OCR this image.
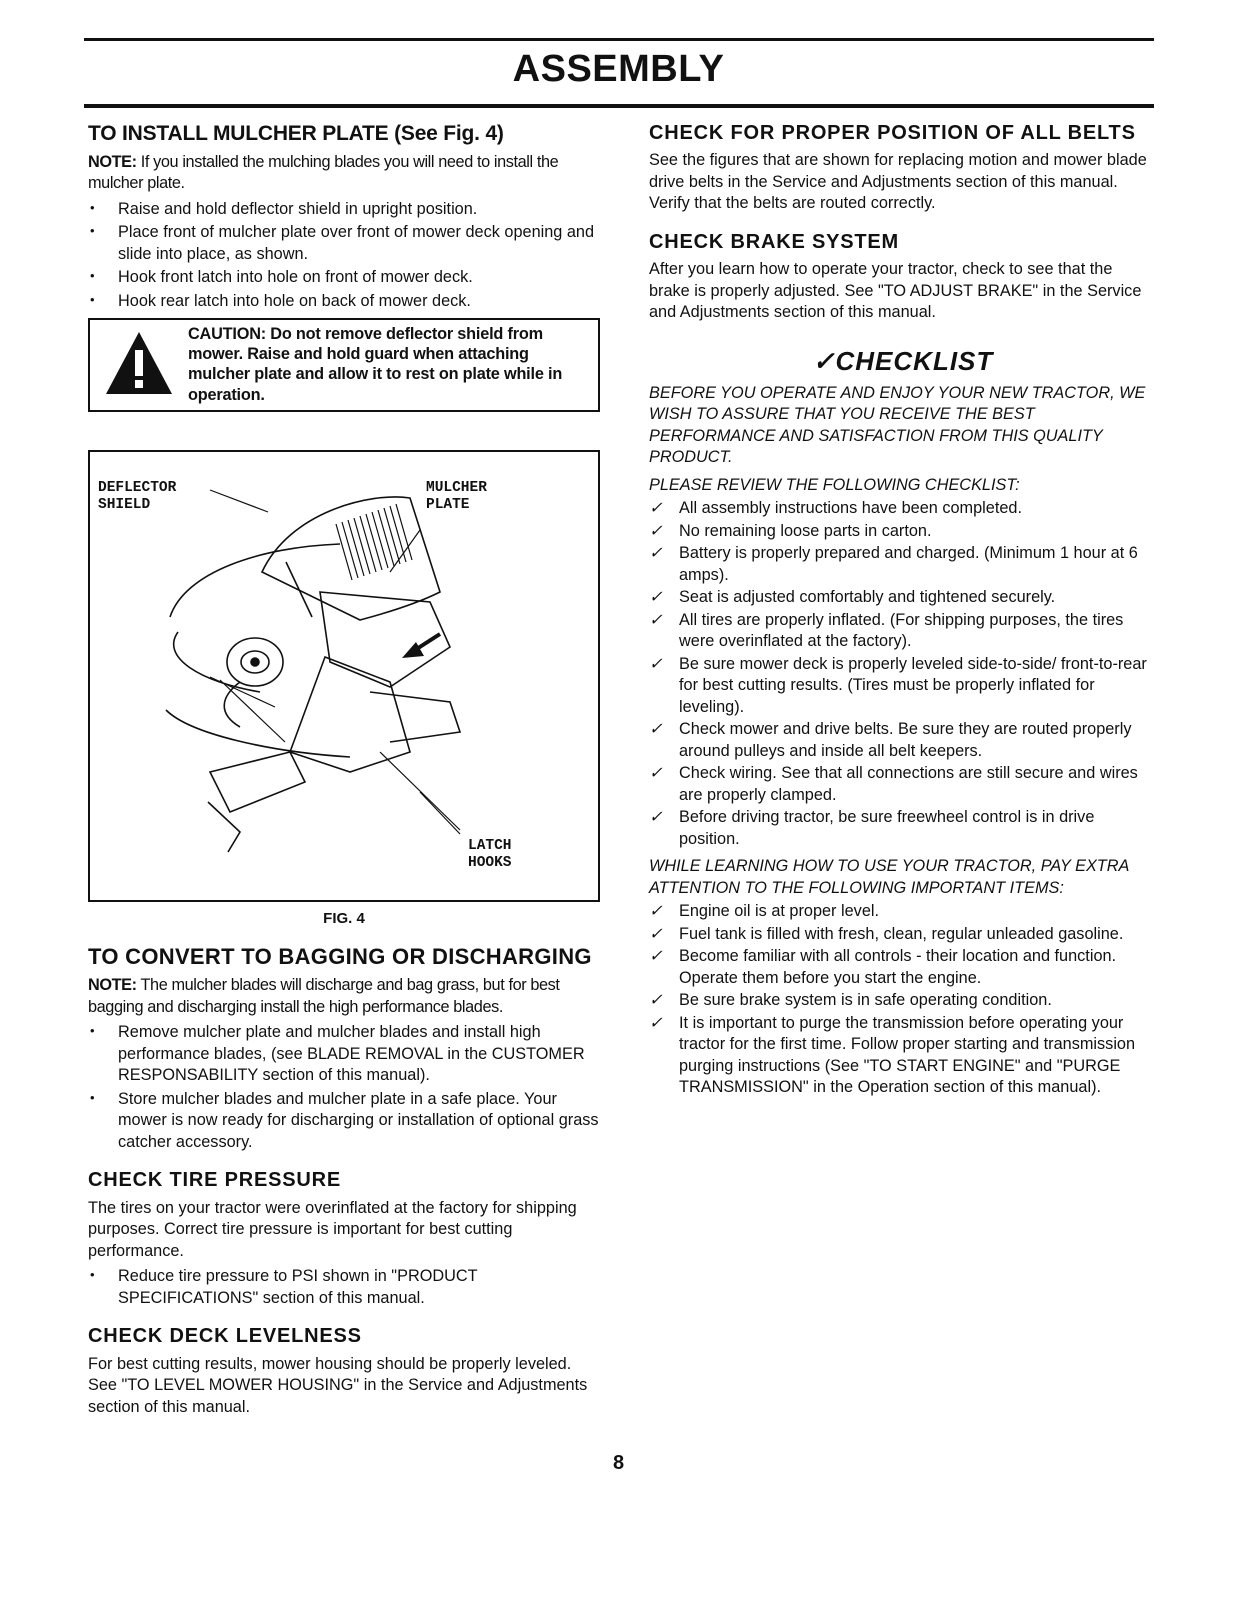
ASSEMBLY
TO INSTALL MULCHER PLATE (See Fig. 4)

NOTE: If you installed the mulching blades you will need to install the mulcher plate.

• Raise and hold deflector shield in upright position.
• Place front of mulcher plate over front of mower deck opening and slide into place, as shown.
• Hook front latch into hole on front of mower deck.
• Hook rear latch into hole on back of mower deck.

CAUTION: Do not remove deflector shield from mower. Raise and hold guard when attaching mulcher plate and allow it to rest on plate while in operation.

DEFLECTOR
SHIELD
MULCHER
PLATE
LATCH
HOOKS
FIG. 4
TO CONVERT TO BAGGING OR DISCHARGING

NOTE: The mulcher blades will discharge and bag grass, but for best bagging and discharging install the high performance blades.

• Remove mulcher plate and mulcher blades and install high performance blades, (see BLADE REMOVAL in the CUSTOMER RESPONSABILITY section of this manual).
• Store mulcher blades and mulcher plate in a safe place. Your mower is now ready for discharging or installation of optional grass catcher accessory.
CHECK TIRE PRESSURE

The tires on your tractor were overinflated at the factory for shipping purposes. Correct tire pressure is important for best cutting performance.

• Reduce tire pressure to PSI shown in "PRODUCT SPECIFICATIONS" section of this manual.
CHECK DECK LEVELNESS

For best cutting results, mower housing should be properly leveled. See "TO LEVEL MOWER HOUSING" in the Service and Adjustments section of this manual.

CHECK FOR PROPER POSITION OF ALL BELTS

See the figures that are shown for replacing motion and mower blade drive belts in the Service and Adjustments section of this manual. Verify that the belts are routed correctly.

CHECK BRAKE SYSTEM

After you learn how to operate your tractor, check to see that the brake is properly adjusted. See "TO ADJUST BRAKE" in the Service and Adjustments section of this manual.

✓CHECKLIST

BEFORE YOU OPERATE AND ENJOY YOUR NEW TRACTOR, WE WISH TO ASSURE THAT YOU RECEIVE THE BEST PERFORMANCE AND SATISFACTION FROM THIS QUALITY PRODUCT.

PLEASE REVIEW THE FOLLOWING CHECKLIST:

✓ All assembly instructions have been completed.
✓ No remaining loose parts in carton.
✓ Battery is properly prepared and charged. (Minimum 1 hour at 6 amps).
✓ Seat is adjusted comfortably and tightened securely.
✓ All tires are properly inflated. (For shipping purposes, the tires were overinflated at the factory).
✓ Be sure mower deck is properly leveled side-to-side/ front-to-rear for best cutting results. (Tires must be properly inflated for leveling).
✓ Check mower and drive belts. Be sure they are routed properly around pulleys and inside all belt keepers.
✓ Check wiring. See that all connections are still secure and wires are properly clamped.
✓ Before driving tractor, be sure freewheel control is in drive position.

WHILE LEARNING HOW TO USE YOUR TRACTOR, PAY EXTRA ATTENTION TO THE FOLLOWING IMPORTANT ITEMS:

✓ Engine oil is at proper level.
✓ Fuel tank is filled with fresh, clean, regular unleaded gasoline.
✓ Become familiar with all controls - their location and function. Operate them before you start the engine.
✓ Be sure brake system is in safe operating condition.
✓ It is important to purge the transmission before operating your tractor for the first time. Follow proper starting and transmission purging instructions (See "TO START ENGINE" and "PURGE TRANSMISSION" in the Operation section of this manual).
8
